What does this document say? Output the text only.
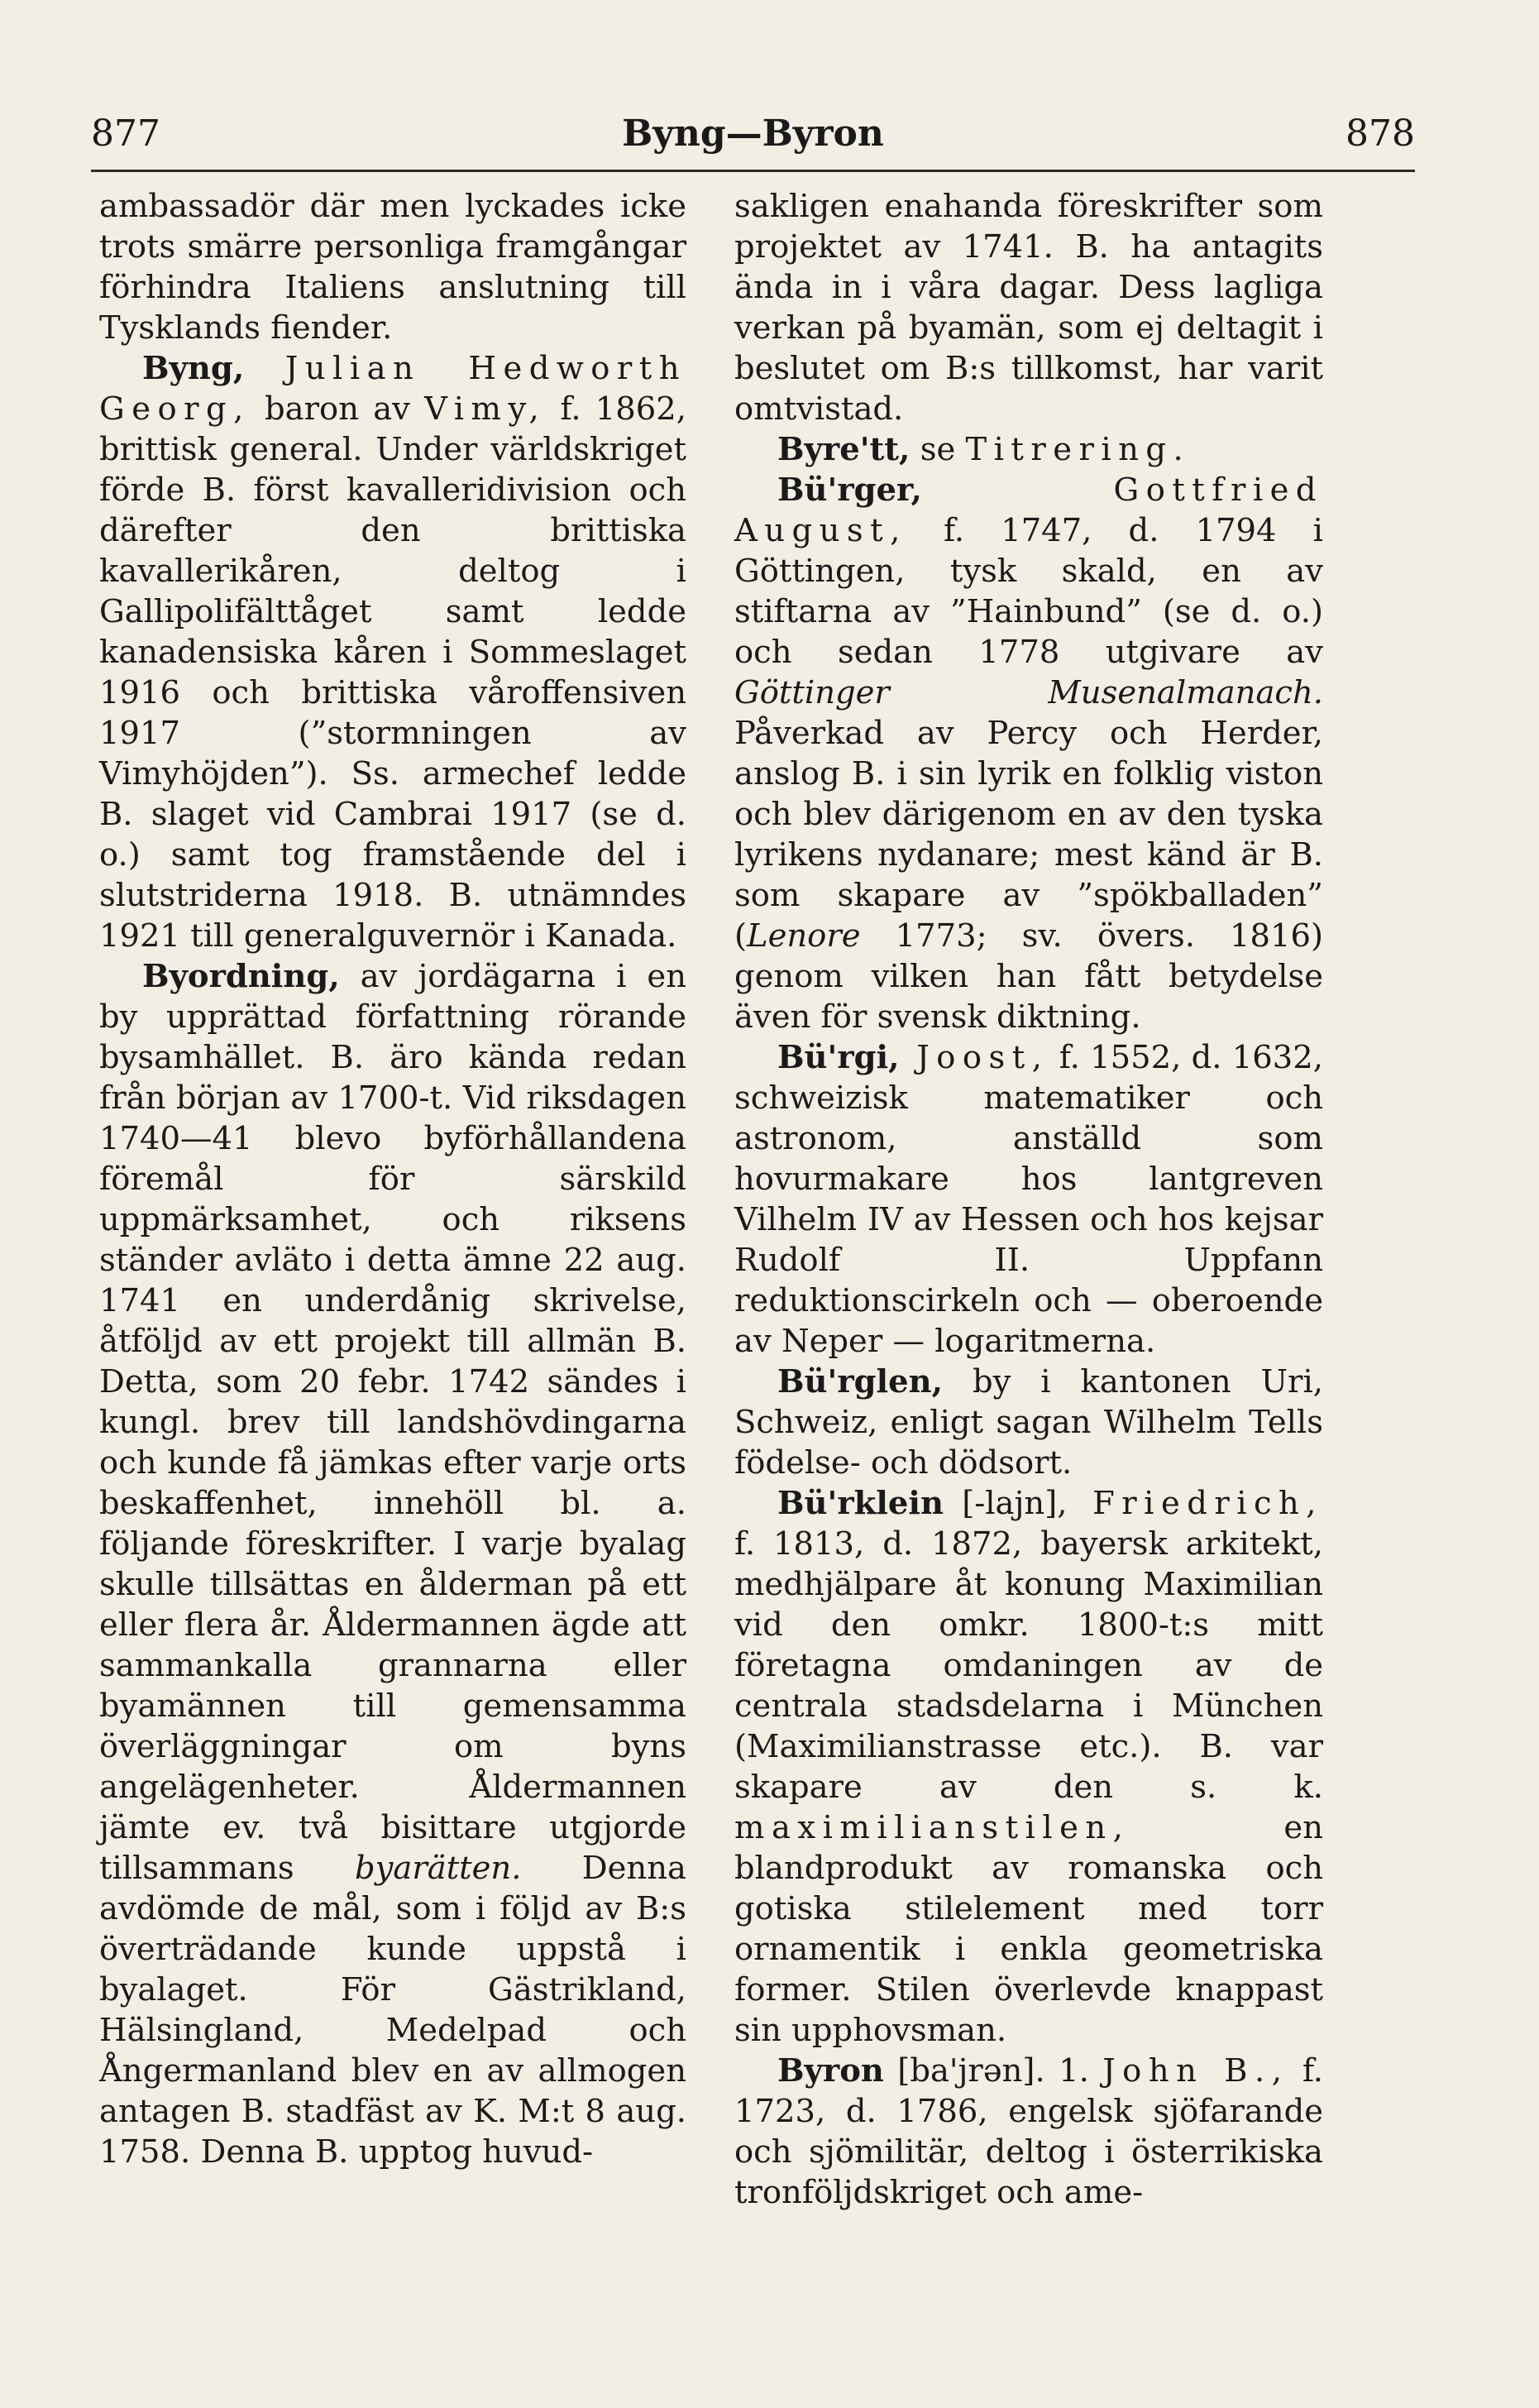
877	Byng—Byron	878

ambassadör där men lyckades icke trots smärre personliga framgångar förhindra Italiens anslutning till Tysklands fiender.

Byng, Julian Hedworth Georg, baron av Vimy, f. 1862, brittisk general. Under världskriget förde B. först kavalleridivision och därefter den brittiska kavallerikåren, deltog i Gallipolifälttåget samt ledde kanadensiska kåren i Sommeslaget 1916 och brittiska våroffensiven 1917 (”stormningen av Vimyhöjden”). Ss. armechef ledde B. slaget vid Cambrai 1917 (se d. o.) samt tog framstående del i slutstriderna 1918. B. utnämndes 1921 till generalguvernör i Kanada.

Byordning, av jordägarna i en by upprättad författning rörande bysamhället. B. äro kända redan från början av 1700-t. Vid riksdagen 1740—41 blevo byförhållandena föremål för särskild uppmärksamhet, och riksens ständer avläto i detta ämne 22 aug. 1741 en underdånig skrivelse, åtföljd av ett projekt till allmän B. Detta, som 20 febr. 1742 sändes i kungl. brev till landshövdingarna och kunde få jämkas efter varje orts beskaffenhet, innehöll bl. a. följande föreskrifter. I varje byalag skulle tillsättas en ålderman på ett eller flera år. Åldermannen ägde att sammankalla grannarna eller byamännen till gemensamma överläggningar om byns angelägenheter. Åldermannen jämte ev. två bisittare utgjorde tillsammans byarätten. Denna avdömde de mål, som i följd av B:s överträdande kunde uppstå i byalaget. För Gästrikland, Hälsingland, Medelpad och Ångermanland blev en av allmogen antagen B. stadfäst av K. M:t 8 aug. 1758. Denna B. upptog huvud-

sakligen enahanda föreskrifter som projektet av 1741. B. ha antagits ända in i våra dagar. Dess lagliga verkan på byamän, som ej deltagit i beslutet om B:s tillkomst, har varit omtvistad.

Byre'tt, se Titrering.

Bü'rger, Gottfried August, f. 1747, d. 1794 i Göttingen, tysk skald, en av stiftarna av ”Hainbund” (se d. o.) och sedan 1778 utgivare av Göttinger Musenalmanach. Påverkad av Percy och Herder, anslog B. i sin lyrik en folklig viston och blev därigenom en av den tyska lyrikens nydanare; mest känd är B. som skapare av ”spökballaden” (Lenore 1773; sv. övers. 1816) genom vilken han fått betydelse även för svensk diktning.

Bü'rgi, Joost, f. 1552, d. 1632, schweizisk matematiker och astronom, anställd som hovurmakare hos lantgreven Vilhelm IV av Hessen och hos kejsar Rudolf II. Uppfann reduktionscirkeln och — oberoende av Neper — logaritmerna.

Bü'rglen, by i kantonen Uri, Schweiz, enligt sagan Wilhelm Tells födelse- och dödsort.

Bü'rklein [-lajn], Friedrich, f. 1813, d. 1872, bayersk arkitekt, medhjälpare åt konung Maximilian vid den omkr. 1800-t:s mitt företagna omdaningen av de centrala stadsdelarna i München (Maximilianstrasse etc.). B. var skapare av den s. k. maximilianstilen, en blandprodukt av romanska och gotiska stilelement med torr ornamentik i enkla geometriska former. Stilen överlevde knappast sin upphovsman.

Byron [ba'jrən]. 1. John B., f. 1723, d. 1786, engelsk sjöfarande och sjömilitär, deltog i österrikiska tronföljdskriget och ame-
